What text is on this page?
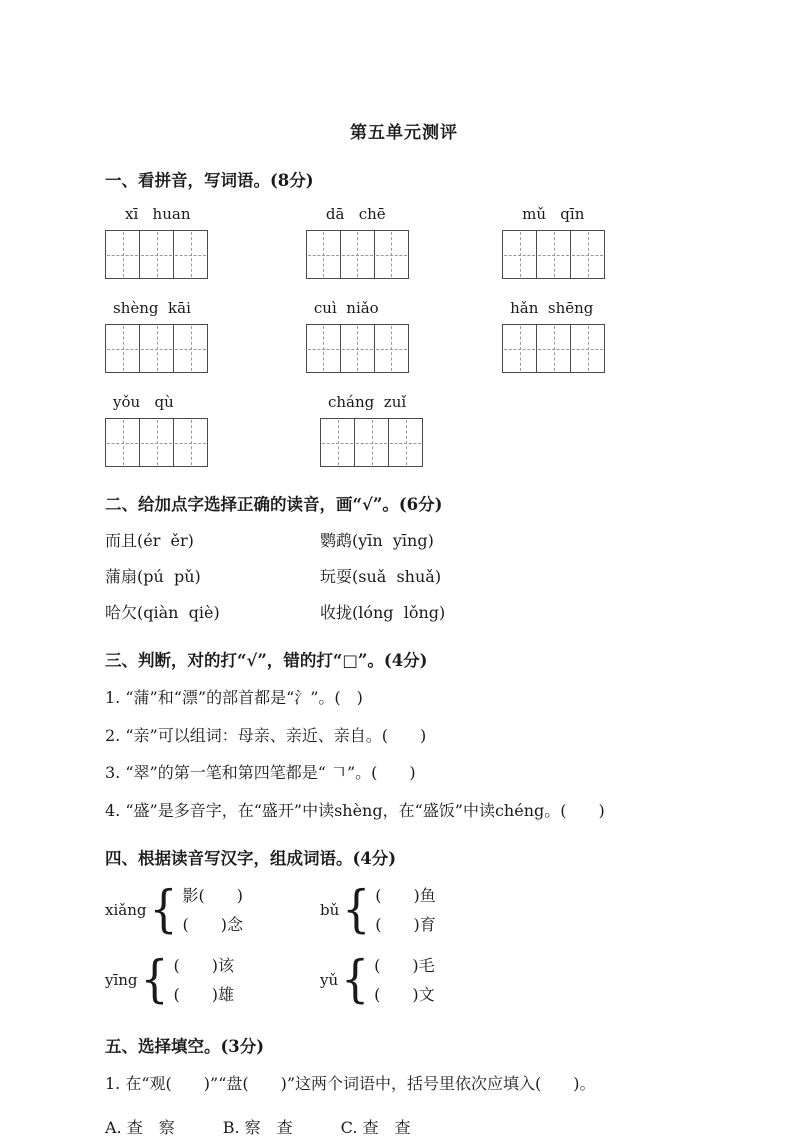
第五单元测评
一、看拼音，写词语。(8分)
xī   huan	dā   chē	mǔ   qīn
shèng  kāi	cuì  niǎo	hǎn  shēng
yǒu   qù	cháng  zuǐ
二、给加点字选择正确的读音，画“√”。(6分)
而且(ér  ěr)	鹦鹉(yīn  yīng)
蒲扇(pú  pǔ)	玩耍(suǎ  shuǎ)
哈欠(qiàn  qiè)	收拢(lóng  lǒng)
三、判断，对的打“√”，错的打“□”。(4分)
1. “蒲”和“漂”的部首都是“氵”。(　)
2. “亲”可以组词：母亲、亲近、亲自。(　　)
3. “翠”的第一笔和第四笔都是“ 𠃍”。(　　)
4. “盛”是多音字，在“盛开”中读shèng，在“盛饭”中读chéng。(　　)
四、根据读音写汉字，组成词语。(4分)
xiǎng { 影(　　)
(　　)念
bǔ { (　　)鱼
(　　)育
yīng { (　　)该
(　　)雄
yǔ { (　　)毛
(　　)文
五、选择填空。(3分)
1. 在“观(　　)”“盘(　　)”这两个词语中，括号里依次应填入(　　)。
A. 查　察　　　B. 察　查　　　C. 查　查
